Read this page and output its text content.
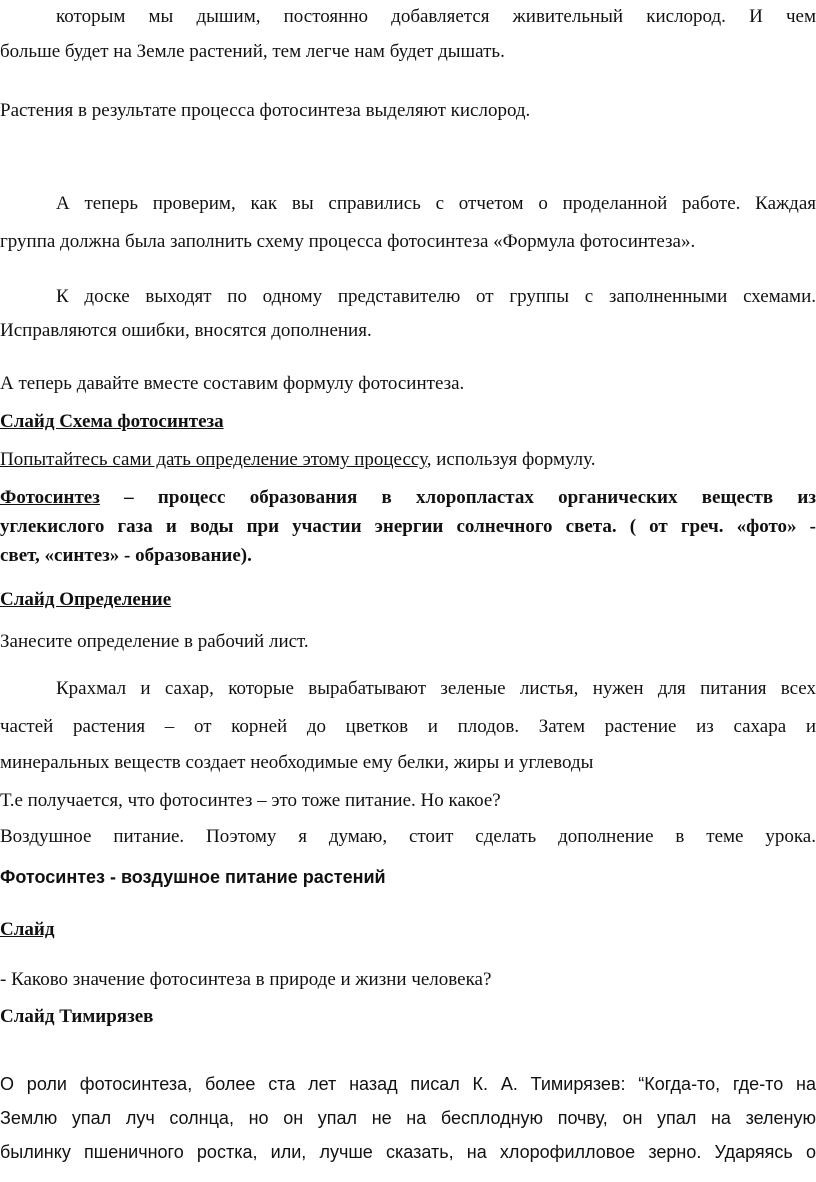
которым мы дышим, постоянно добавляется живительный кислород. И чем

больше будет на Земле растений, тем легче нам будет дышать.

Растения в результате процесса фотосинтеза выделяют кислород.

А теперь проверим, как вы справились с отчетом о проделанной работе. Каждая

группа должна была заполнить схему процесса фотосинтеза «Формула фотосинтеза».

К доске выходят по одному представителю от группы с заполненными схемами.

Исправляются ошибки, вносятся дополнения.

А теперь давайте вместе составим формулу фотосинтеза.

Слайд Схема фотосинтеза

Попытайтесь сами дать определение этому процессу, используя формулу.

Фотосинтез – процесс образования в хлоропластах органических веществ из

углекислого газа и воды при участии энергии солнечного света. ( от греч. «фото» -

свет, «синтез» - образование).

Слайд Определение

Занесите определение в рабочий лист.

Крахмал и сахар, которые вырабатывают зеленые листья, нужен для питания всех

частей растения – от корней до цветков и плодов. Затем растение из сахара и

минеральных веществ создает необходимые ему белки, жиры и углеводы

Т.е получается, что фотосинтез – это тоже питание. Но какое?

Воздушное питание. Поэтому я думаю, стоит сделать дополнение в теме урока.

Фотосинтез - воздушное питание растений

Слайд

- Каково значение фотосинтеза в природе и жизни человека?

Слайд Тимирязев

О роли фотосинтеза, более ста лет назад писал К. А. Тимирязев: “Когда-то, где-то на

Землю упал луч солнца, но он упал не на бесплодную почву, он упал на зеленую

былинку пшеничного ростка, или, лучше сказать, на хлорофилловое зерно. Ударяясь о
